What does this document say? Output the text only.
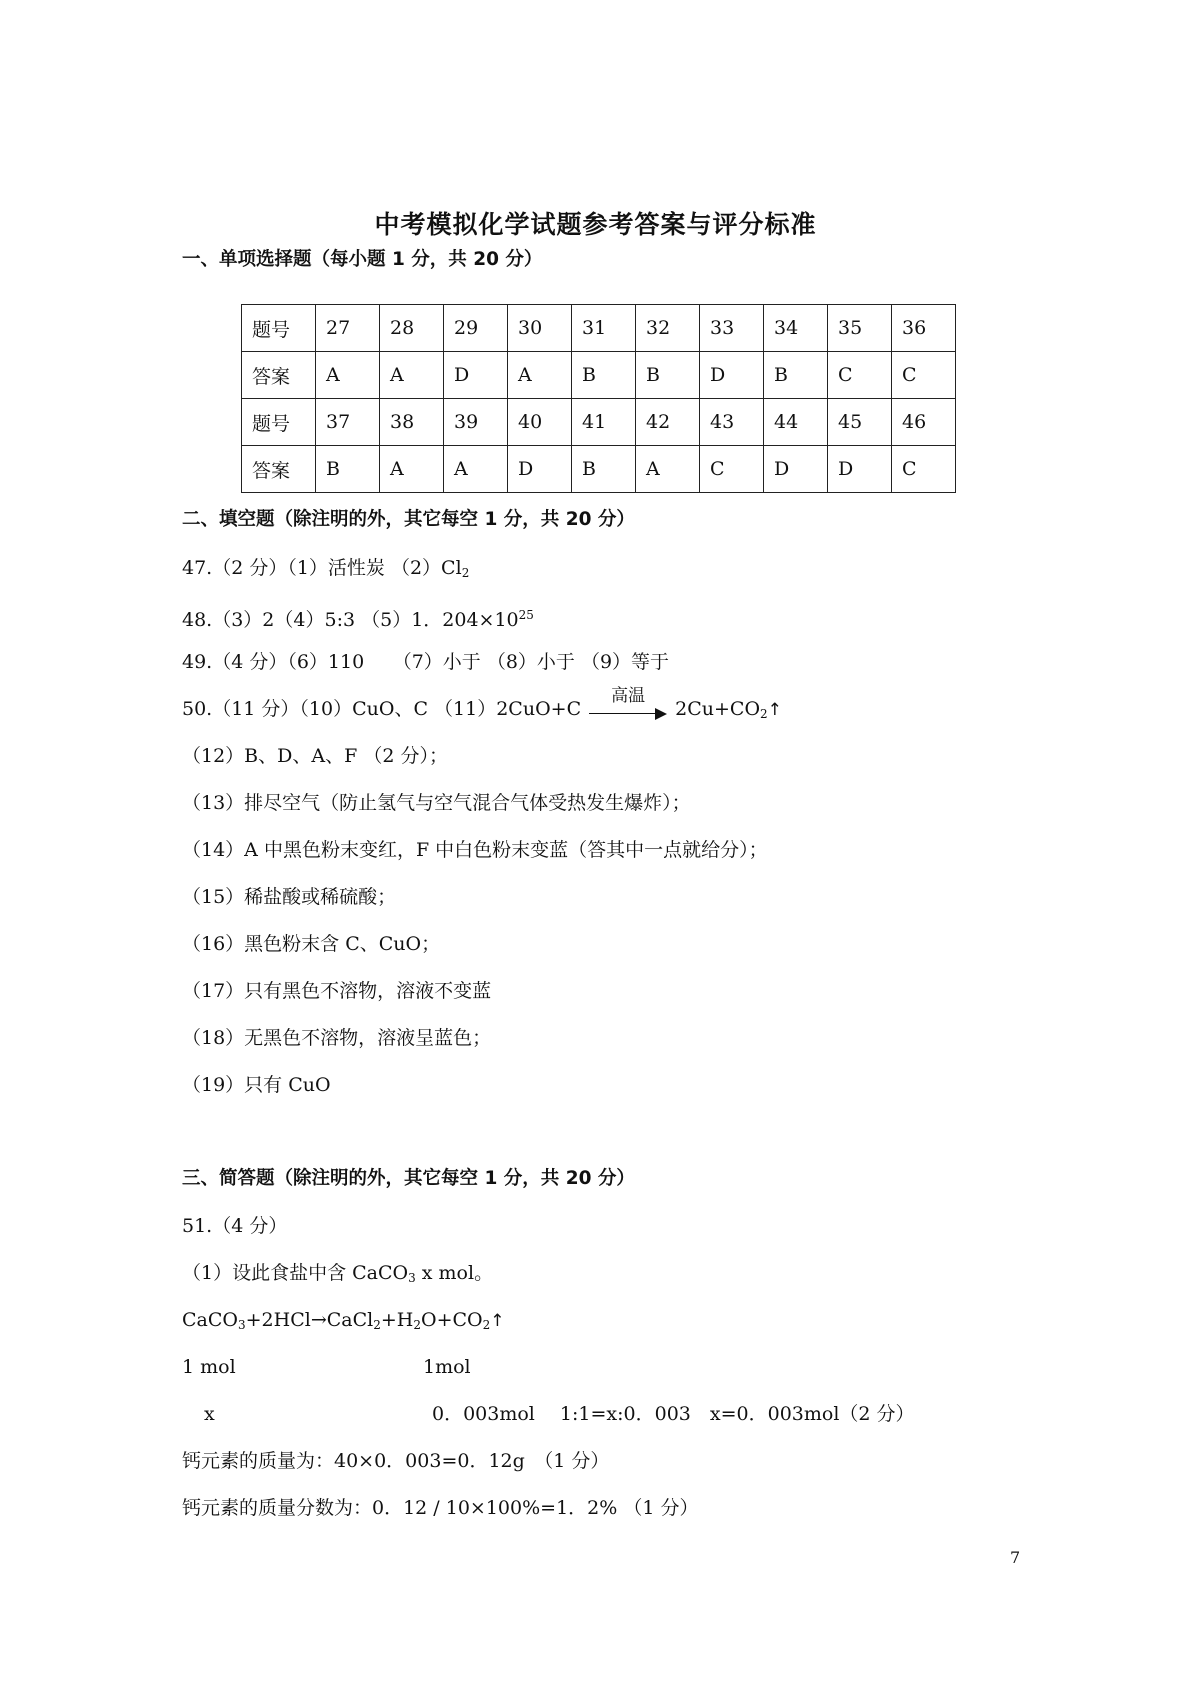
中考模拟化学试题参考答案与评分标准
一、单项选择题（每小题 1 分，共 20 分）
题号	27	28	29	30	31	32	33	34	35	36
答案	A	A	D	A	B	B	D	B	C	C
题号	37	38	39	40	41	42	43	44	45	46
答案	B	A	A	D	B	A	C	D	D	C
二、填空题（除注明的外，其它每空 1 分，共 20 分）
47.（2 分）（1）活性炭 $(2)Cl_2$
48.（3）2（4）5:3 （5）1．$204\times 10^{25}$
49.（4 分）（6）110　　（7）小于 （8）小于 （9）等于
50.（11 分）（10）CuO、C （11）2CuO+C
高温
$2Cu+CO_2↑$
（12）B、D、A、F （2 分）；
（13）排尽空气（防止氢气与空气混合气体受热发生爆炸）；
（14）A 中黑色粉末变红，F 中白色粉末变蓝（答其中一点就给分）；
（15）稀盐酸或稀硫酸；
（16）黑色粉末含 C、CuO；
（17）只有黑色不溶物，溶液不变蓝
（18）无黑色不溶物，溶液呈蓝色；
（19）只有 CuO
三、简答题（除注明的外，其它每空 1 分，共 20 分）
51.（4 分）
（1）设此食盐中含 CaCO$_3$ x mol。
$CaCO_3+2HCl\to CaCl_2+H_2O+CO_2↑$
1 mol	1mol
x	0．003mol　 1:1=x:0．003　x=0．003mol（2 分）
钙元素的质量为：40×0．003=0．12g　（1 分）
钙元素的质量分数为：0．12 / 10×100%=1．2% （1 分）
7
